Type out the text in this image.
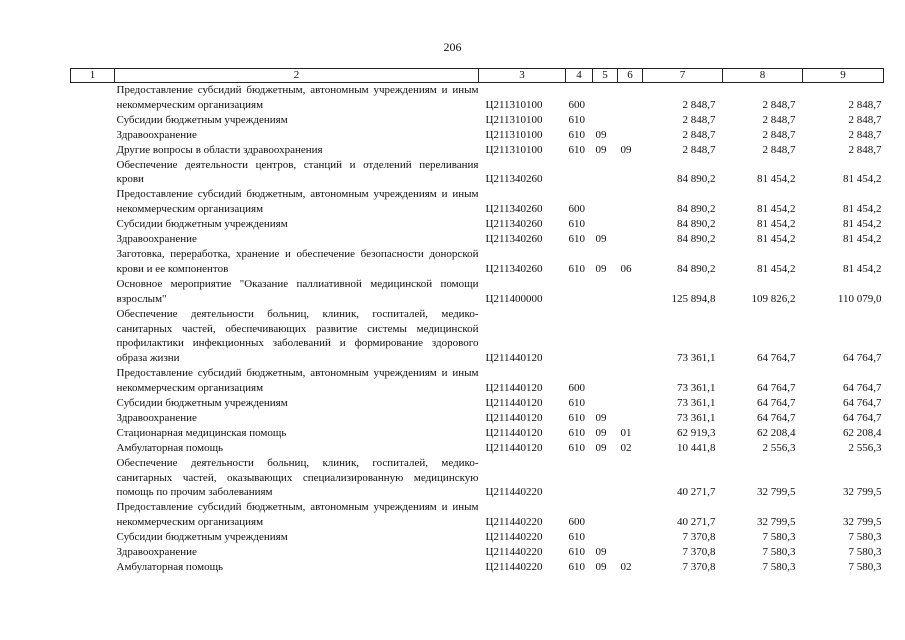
206
1	2	3	4	5	6	7	8	9
	Предоставление субсидий бюджетным, автономным учреждениям и иным некоммерческим организациям	Ц211310100	600			2 848,7	2 848,7	2 848,7
	Субсидии бюджетным учреждениям	Ц211310100	610			2 848,7	2 848,7	2 848,7
	Здравоохранение	Ц211310100	610	09		2 848,7	2 848,7	2 848,7
	Другие вопросы в области здравоохранения	Ц211310100	610	09	09	2 848,7	2 848,7	2 848,7
	Обеспечение деятельности центров, станций и отделений переливания крови	Ц211340260				84 890,2	81 454,2	81 454,2
	Предоставление субсидий бюджетным, автономным учреждениям и иным некоммерческим организациям	Ц211340260	600			84 890,2	81 454,2	81 454,2
	Субсидии бюджетным учреждениям	Ц211340260	610			84 890,2	81 454,2	81 454,2
	Здравоохранение	Ц211340260	610	09		84 890,2	81 454,2	81 454,2
	Заготовка, переработка, хранение и обеспечение безопасности донорской крови и ее компонентов	Ц211340260	610	09	06	84 890,2	81 454,2	81 454,2
	Основное мероприятие "Оказание паллиативной медицинской помощи взрослым"	Ц211400000				125 894,8	109 826,2	110 079,0
	Обеспечение деятельности больниц, клиник, госпиталей, медико-санитарных частей, обеспечивающих развитие системы медицинской профилактики инфекционных заболеваний и формирование здорового образа жизни	Ц211440120				73 361,1	64 764,7	64 764,7
	Предоставление субсидий бюджетным, автономным учреждениям и иным некоммерческим организациям	Ц211440120	600			73 361,1	64 764,7	64 764,7
	Субсидии бюджетным учреждениям	Ц211440120	610			73 361,1	64 764,7	64 764,7
	Здравоохранение	Ц211440120	610	09		73 361,1	64 764,7	64 764,7
	Стационарная медицинская помощь	Ц211440120	610	09	01	62 919,3	62 208,4	62 208,4
	Амбулаторная помощь	Ц211440120	610	09	02	10 441,8	2 556,3	2 556,3
	Обеспечение деятельности больниц, клиник, госпиталей, медико-санитарных частей, оказывающих специализированную медицинскую помощь по прочим заболеваниям	Ц211440220				40 271,7	32 799,5	32 799,5
	Предоставление субсидий бюджетным, автономным учреждениям и иным некоммерческим организациям	Ц211440220	600			40 271,7	32 799,5	32 799,5
	Субсидии бюджетным учреждениям	Ц211440220	610			7 370,8	7 580,3	7 580,3
	Здравоохранение	Ц211440220	610	09		7 370,8	7 580,3	7 580,3
	Амбулаторная помощь	Ц211440220	610	09	02	7 370,8	7 580,3	7 580,3
